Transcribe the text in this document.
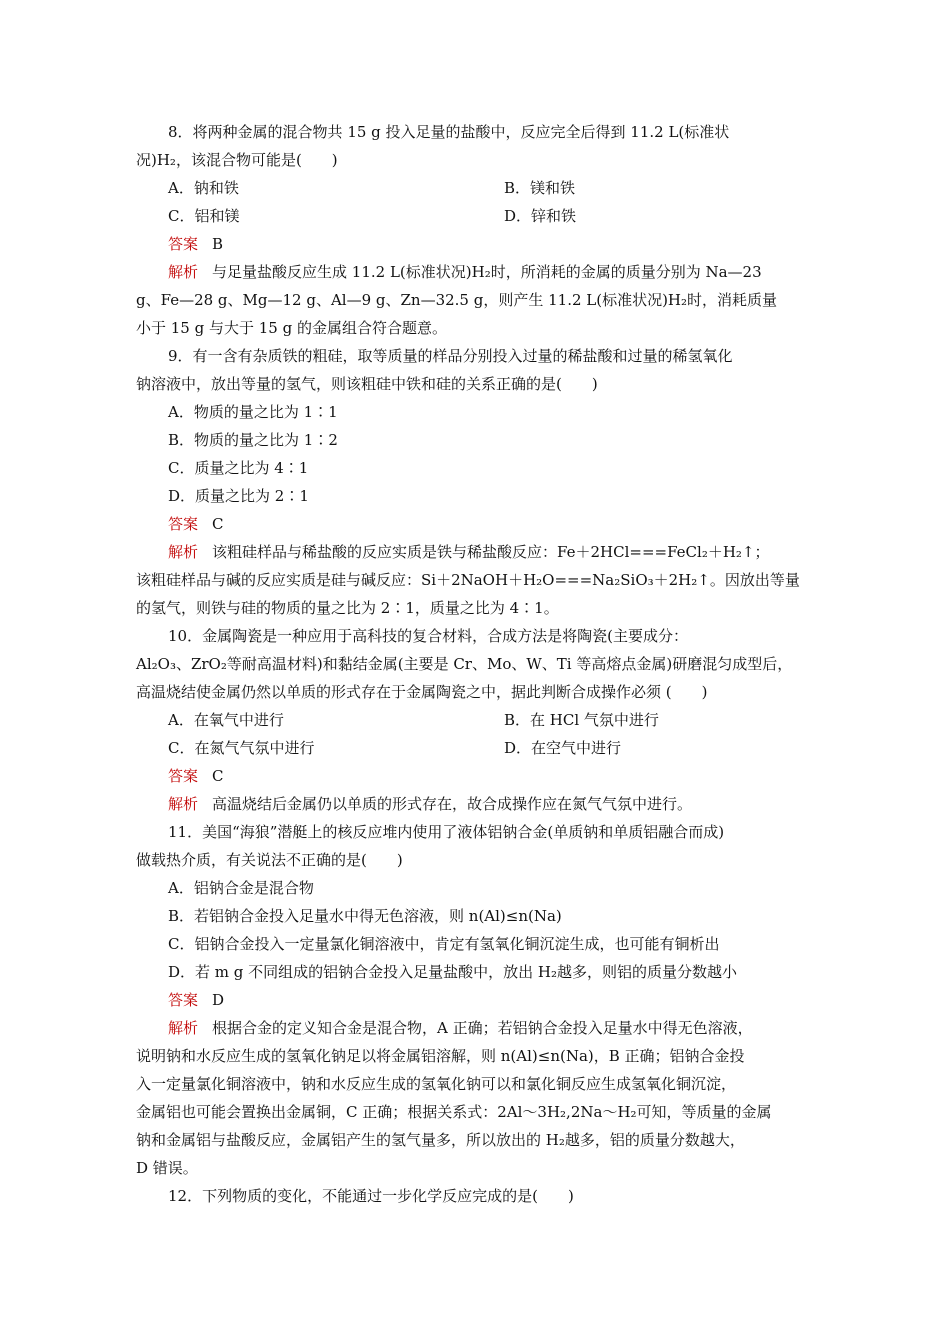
8．将两种金属的混合物共 15 g 投入足量的盐酸中，反应完全后得到 11.2 L(标准状
况)H₂，该混合物可能是(　　)
A．钠和铁	B．镁和铁
C．铝和镁	D．锌和铁
答案 B
解析 与足量盐酸反应生成 11.2 L(标准状况)H₂时，所消耗的金属的质量分别为 Na—23
g、Fe—28 g、Mg—12 g、Al—9 g、Zn—32.5 g，则产生 11.2 L(标准状况)H₂时，消耗质量
小于 15 g 与大于 15 g 的金属组合符合题意。
9．有一含有杂质铁的粗硅，取等质量的样品分别投入过量的稀盐酸和过量的稀氢氧化
钠溶液中，放出等量的氢气，则该粗硅中铁和硅的关系正确的是(　　)
A．物质的量之比为 1∶1
B．物质的量之比为 1∶2
C．质量之比为 4∶1
D．质量之比为 2∶1
答案 C
解析 该粗硅样品与稀盐酸的反应实质是铁与稀盐酸反应：Fe＋2HCl===FeCl₂＋H₂↑；
该粗硅样品与碱的反应实质是硅与碱反应：Si＋2NaOH＋H₂O===Na₂SiO₃＋2H₂↑。因放出等量
的氢气，则铁与硅的物质的量之比为 2∶1，质量之比为 4∶1。
10．金属陶瓷是一种应用于高科技的复合材料，合成方法是将陶瓷(主要成分：
Al₂O₃、ZrO₂等耐高温材料)和黏结金属(主要是 Cr、Mo、W、Ti 等高熔点金属)研磨混匀成型后，
高温烧结使金属仍然以单质的形式存在于金属陶瓷之中，据此判断合成操作必须 (　　)
A．在氧气中进行	B．在 HCl 气氛中进行
C．在氮气气氛中进行	D．在空气中进行
答案 C
解析 高温烧结后金属仍以单质的形式存在，故合成操作应在氮气气氛中进行。
11．美国“海狼”潜艇上的核反应堆内使用了液体铝钠合金(单质钠和单质铝融合而成)
做载热介质，有关说法不正确的是(　　)
A．铝钠合金是混合物
B．若铝钠合金投入足量水中得无色溶液，则 n(Al)≤n(Na)
C．铝钠合金投入一定量氯化铜溶液中，肯定有氢氧化铜沉淀生成，也可能有铜析出
D．若 m g 不同组成的铝钠合金投入足量盐酸中，放出 H₂越多，则铝的质量分数越小
答案 D
解析 根据合金的定义知合金是混合物，A 正确；若铝钠合金投入足量水中得无色溶液，
说明钠和水反应生成的氢氧化钠足以将金属铝溶解，则 n(Al)≤n(Na)，B 正确；铝钠合金投
入一定量氯化铜溶液中，钠和水反应生成的氢氧化钠可以和氯化铜反应生成氢氧化铜沉淀，
金属铝也可能会置换出金属铜，C 正确；根据关系式：2Al～3H₂,2Na～H₂可知，等质量的金属
钠和金属铝与盐酸反应，金属铝产生的氢气量多，所以放出的 H₂越多，铝的质量分数越大，
D 错误。
12．下列物质的变化，不能通过一步化学反应完成的是(　　)
